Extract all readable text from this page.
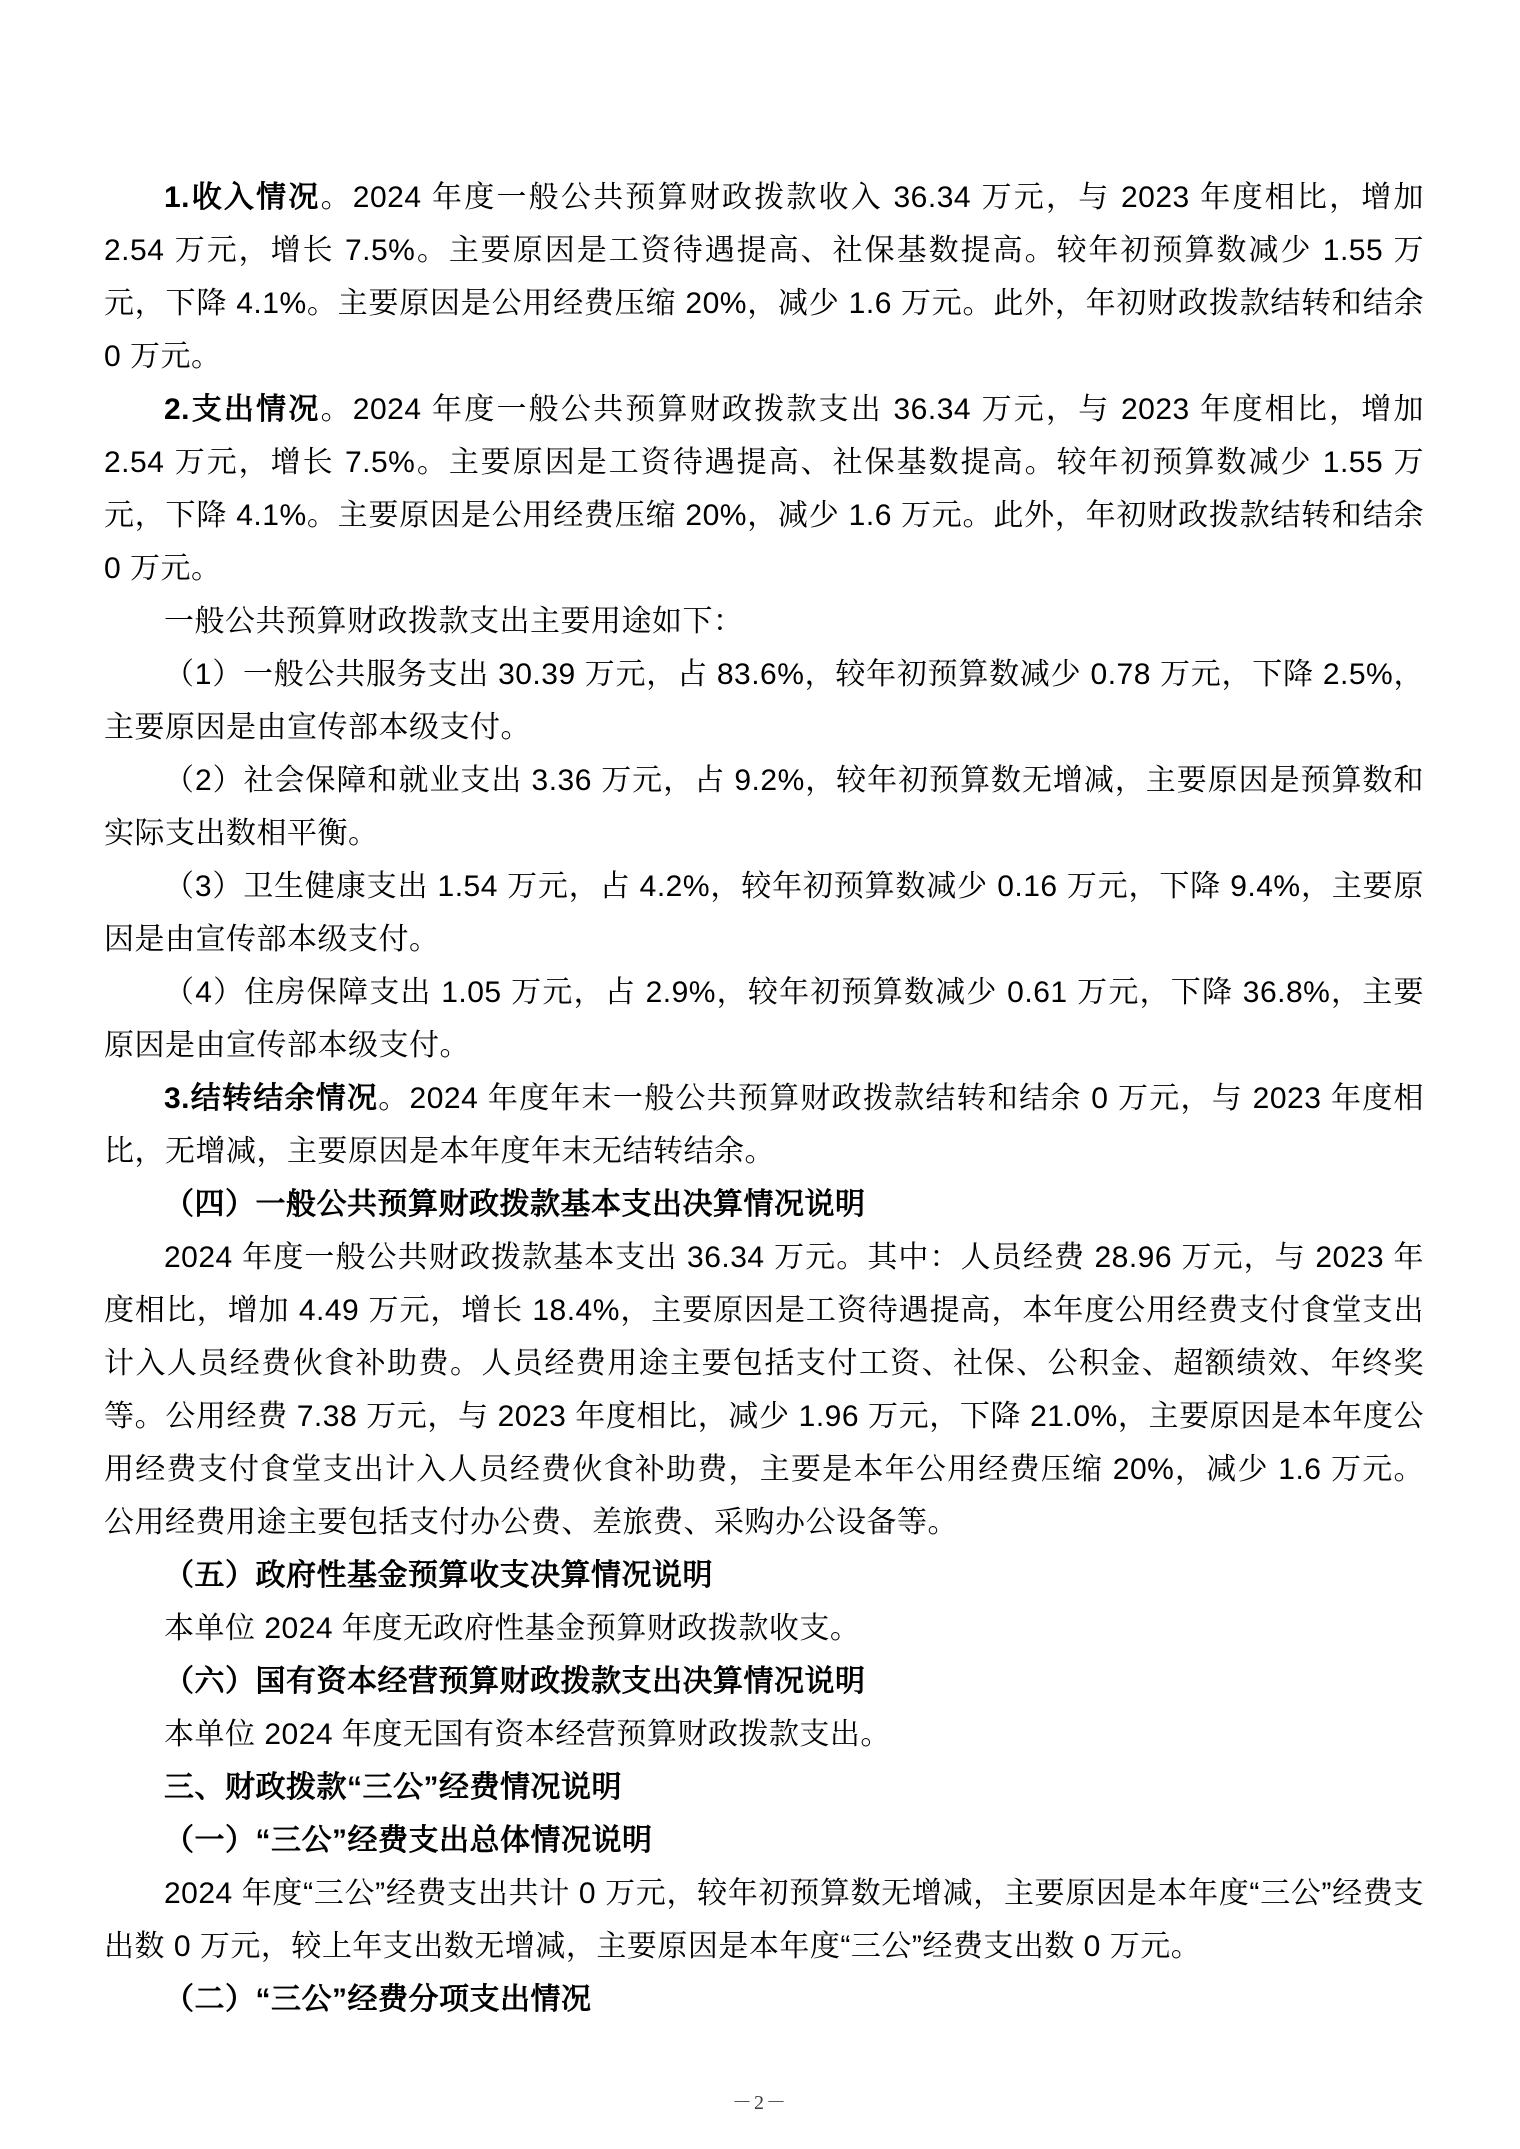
1.收入情况。2024 年度一般公共预算财政拨款收入 36.34 万元，与 2023 年度相比，增加 2.54 万元，增长 7.5%。主要原因是工资待遇提高、社保基数提高。较年初预算数减少 1.55 万元，下降 4.1%。主要原因是公用经费压缩 20%，减少 1.6 万元。此外，年初财政拨款结转和结余 0 万元。

2.支出情况。2024 年度一般公共预算财政拨款支出 36.34 万元，与 2023 年度相比，增加 2.54 万元，增长 7.5%。主要原因是工资待遇提高、社保基数提高。较年初预算数减少 1.55 万元，下降 4.1%。主要原因是公用经费压缩 20%，减少 1.6 万元。此外，年初财政拨款结转和结余 0 万元。

一般公共预算财政拨款支出主要用途如下：

（1）一般公共服务支出 30.39 万元，占 83.6%，较年初预算数减少 0.78 万元，下降 2.5%，主要原因是由宣传部本级支付。

（2）社会保障和就业支出 3.36 万元，占 9.2%，较年初预算数无增减，主要原因是预算数和实际支出数相平衡。

（3）卫生健康支出 1.54 万元，占 4.2%，较年初预算数减少 0.16 万元，下降 9.4%，主要原因是由宣传部本级支付。

（4）住房保障支出 1.05 万元，占 2.9%，较年初预算数减少 0.61 万元，下降 36.8%，主要原因是由宣传部本级支付。

3.结转结余情况。2024 年度年末一般公共预算财政拨款结转和结余 0 万元，与 2023 年度相比，无增减，主要原因是本年度年末无结转结余。

（四）一般公共预算财政拨款基本支出决算情况说明

2024 年度一般公共财政拨款基本支出 36.34 万元。其中：人员经费 28.96 万元，与 2023 年度相比，增加 4.49 万元，增长 18.4%，主要原因是工资待遇提高，本年度公用经费支付食堂支出计入人员经费伙食补助费。人员经费用途主要包括支付工资、社保、公积金、超额绩效、年终奖等。公用经费 7.38 万元，与 2023 年度相比，减少 1.96 万元，下降 21.0%，主要原因是本年度公用经费支付食堂支出计入人员经费伙食补助费，主要是本年公用经费压缩 20%，减少 1.6 万元。公用经费用途主要包括支付办公费、差旅费、采购办公设备等。

（五）政府性基金预算收支决算情况说明

本单位 2024 年度无政府性基金预算财政拨款收支。

（六）国有资本经营预算财政拨款支出决算情况说明

本单位 2024 年度无国有资本经营预算财政拨款支出。

三、财政拨款“三公”经费情况说明

（一）“三公”经费支出总体情况说明

2024 年度“三公”经费支出共计 0 万元，较年初预算数无增减，主要原因是本年度“三公”经费支出数 0 万元，较上年支出数无增减，主要原因是本年度“三公”经费支出数 0 万元。

（二）“三公”经费分项支出情况

－2－
